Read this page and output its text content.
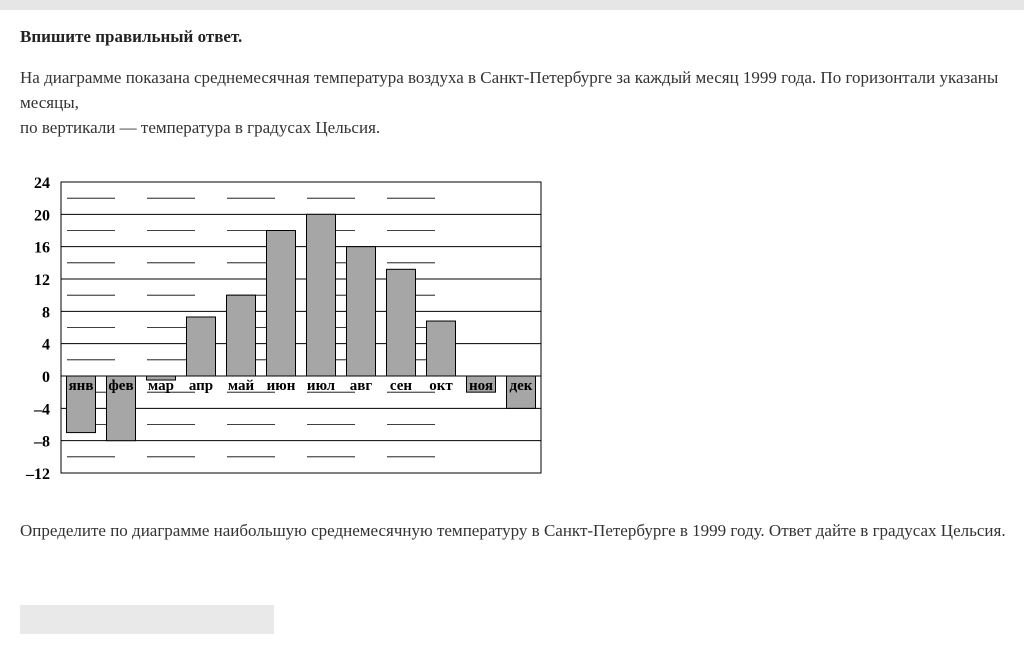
Впишите правильный ответ.
На диаграмме показана среднемесячная температура воздуха в Санкт-Петербурге за каждый месяц 1999 года. По горизонтали указаны месяцы,
по вертикали — температура в градусах Цельсия.
24
20
16
12
8
4
0
–4
–8
–12
янв фев мар апр май июн июл авг сен окт ноя дек
Определите по диаграмме наибольшую среднемесячную температуру в Санкт-Петербурге в 1999 году. Ответ дайте в градусах Цельсия.
